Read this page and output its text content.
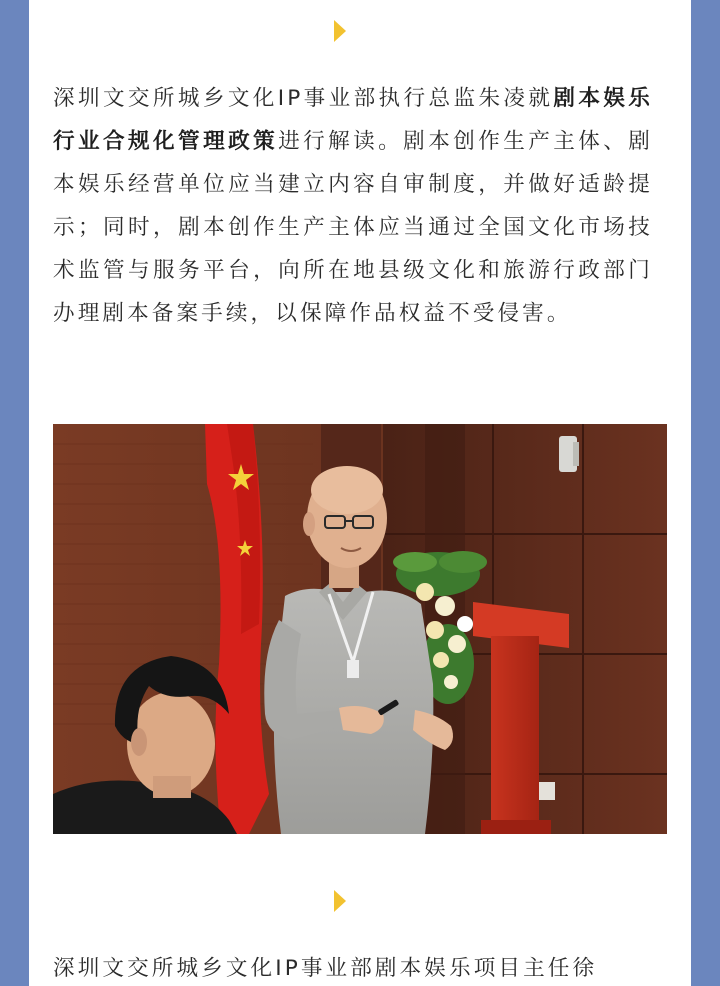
深圳文交所城乡文化IP事业部执行总监朱凌就剧本娱乐行业合规化管理政策进行解读。剧本创作生产主体、剧本娱乐经营单位应当建立内容自审制度，并做好适龄提示；同时，剧本创作生产主体应当通过全国文化市场技术监管与服务平台，向所在地县级文化和旅游行政部门办理剧本备案手续，以保障作品权益不受侵害。

深圳文交所城乡文化IP事业部剧本娱乐项目主任徐
